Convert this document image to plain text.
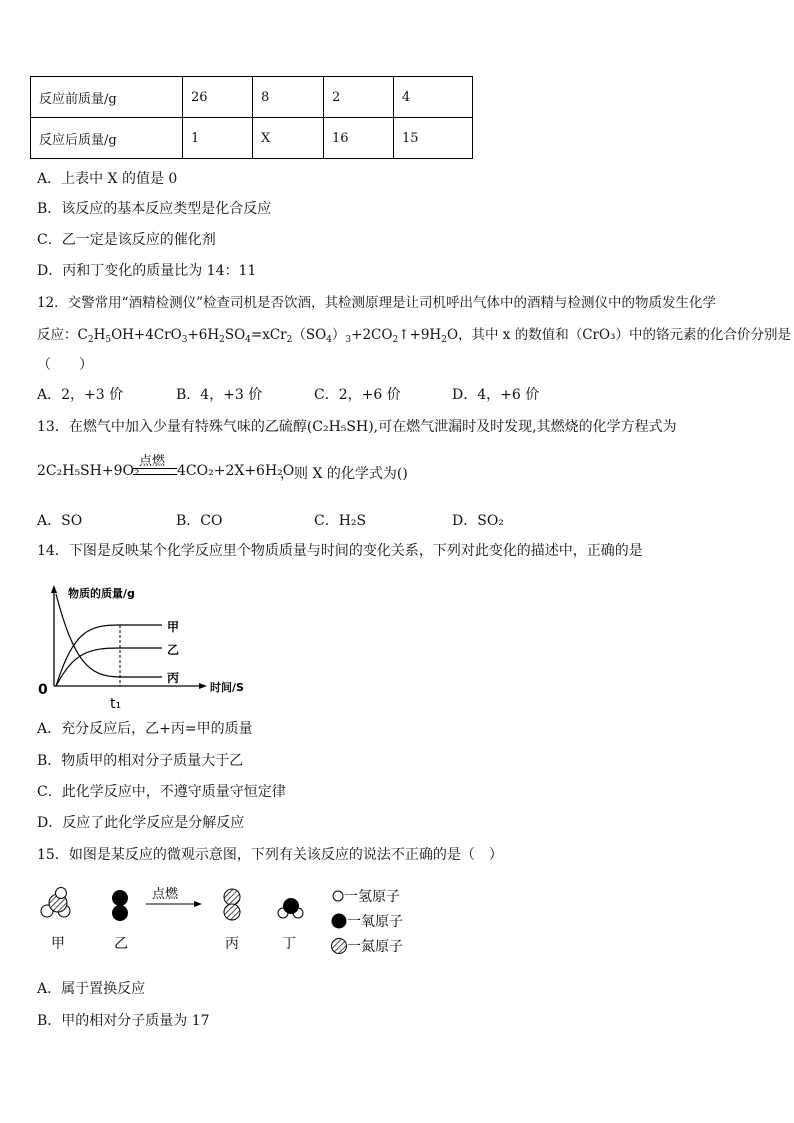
反应前质量/g	26	8	2	4
反应后质量/g	1	X	16	15
A．上表中 X 的值是 0
B．该反应的基本反应类型是化合反应
C．乙一定是该反应的催化剂
D．丙和丁变化的质量比为 14：11
12．交警常用“酒精检测仪”检查司机是否饮酒，其检测原理是让司机呼出气体中的酒精与检测仪中的物质发生化学
反应：$C_2H_5OH+4CrO_3+6H_2SO_4=xCr_2(SO_4)_3+2CO_2↑+9H_2O$，其中 x 的数值和（CrO₃）中的铬元素的化合价分别是
（　　）
A．2，+3 价	B．4，+3 价	C．2，+6 价	D．4，+6 价
13．在燃气中加入少量有特殊气味的乙硫醇(C₂H₅SH),可在燃气泄漏时及时发现,其燃烧的化学方程式为
2C₂H₅SH+9O₂
点燃
4CO₂+2X+6H₂O
，则 X 的化学式为()
A．SO	B．CO	C．H₂S	D．SO₂
14．下图是反映某个化学反应里个物质质量与时间的变化关系，下列对此变化的描述中，正确的是
物质的质量/g
时间/S
0
t₁
甲
乙
丙
A．充分反应后，乙+丙=甲的质量
B．物质甲的相对分子质量大于乙
C．此化学反应中，不遵守质量守恒定律
D．反应了此化学反应是分解反应
15．如图是某反应的微观示意图，下列有关该反应的说法不正确的是（　）
甲	乙
点燃
丙	丁
一氢原子
一氧原子
一氮原子
A．属于置换反应
B．甲的相对分子质量为 17
